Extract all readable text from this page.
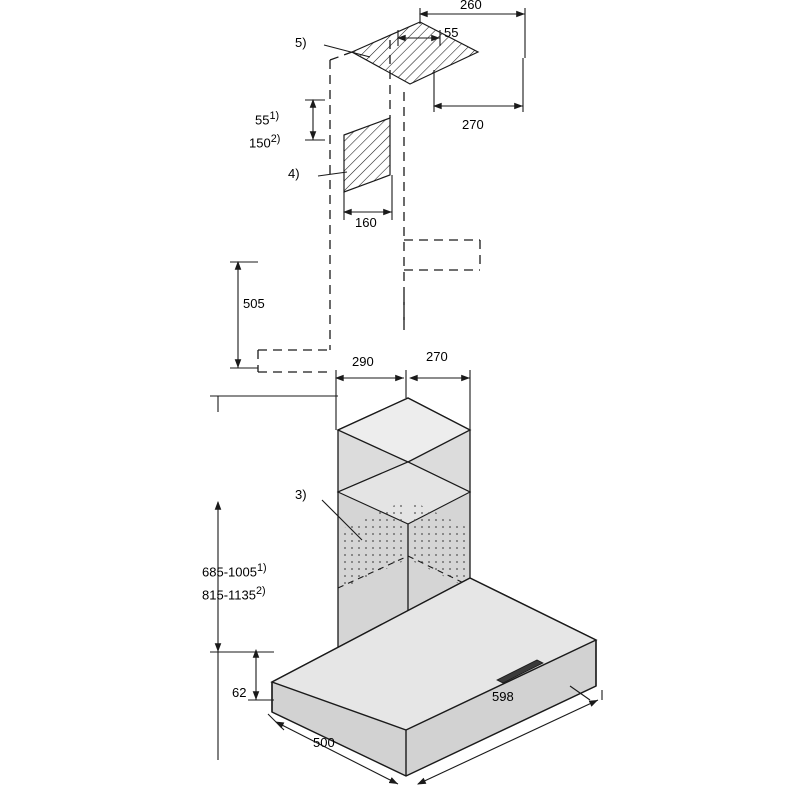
260
55
270
55$^{1)}$
150$^{2)}$
5)
4)
3)
160
505
290	270
685-1005$^{1)}$
815-1135$^{2)}$
62
500
598
